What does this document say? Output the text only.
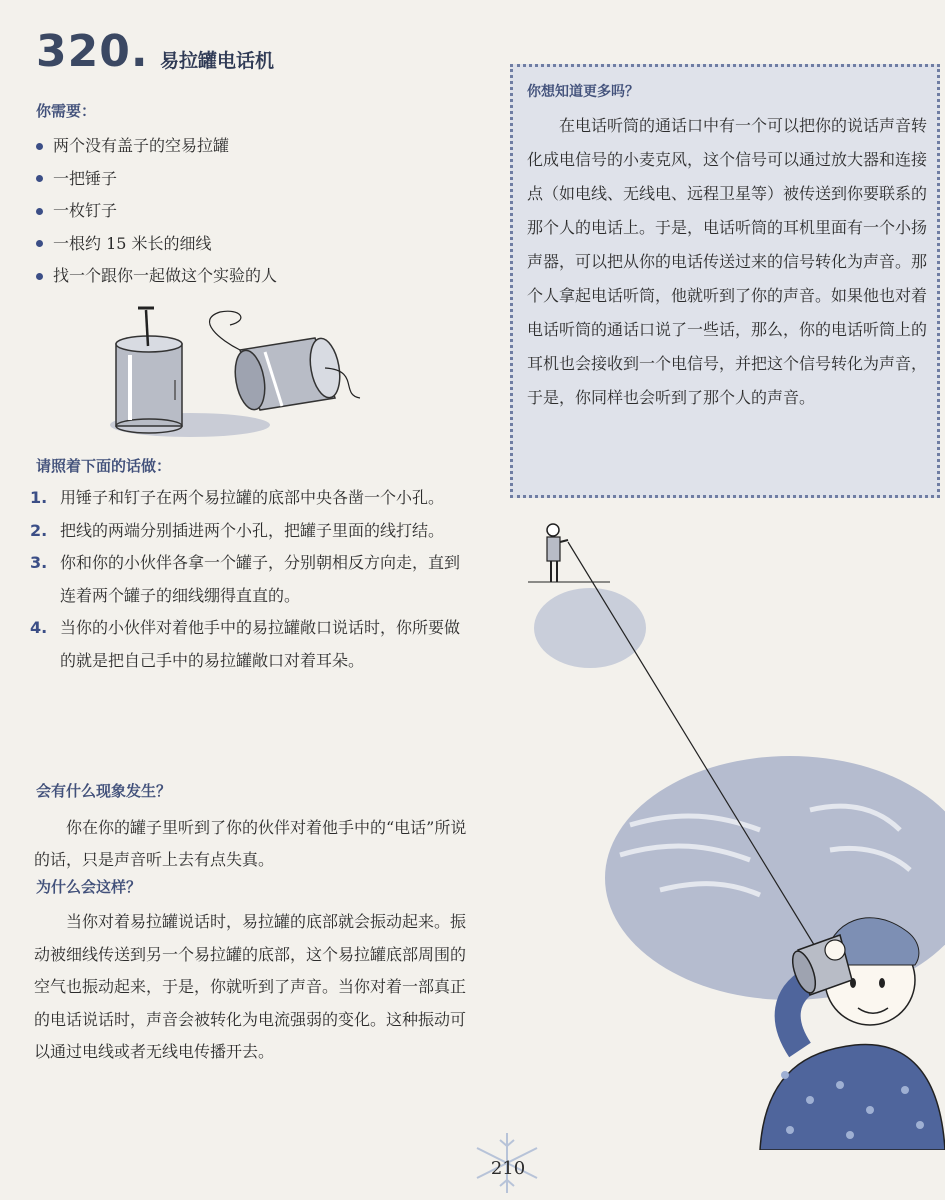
320. 易拉罐电话机
你需要：
两个没有盖子的空易拉罐
一把锤子
一枚钉子
一根约 15 米长的细线
找一个跟你一起做这个实验的人
请照着下面的话做：
1. 用锤子和钉子在两个易拉罐的底部中央各凿一个小孔。
2. 把线的两端分别插进两个小孔，把罐子里面的线打结。
3. 你和你的小伙伴各拿一个罐子，分别朝相反方向走，直到连着两个罐子的细线绷得直直的。
4. 当你的小伙伴对着他手中的易拉罐敞口说话时，你所要做的就是把自己手中的易拉罐敞口对着耳朵。
会有什么现象发生？

你在你的罐子里听到了你的伙伴对着他手中的“电话”所说的话，只是声音听上去有点失真。

为什么会这样？

当你对着易拉罐说话时，易拉罐的底部就会振动起来。振动被细线传送到另一个易拉罐的底部，这个易拉罐底部周围的空气也振动起来，于是，你就听到了声音。当你对着一部真正的电话说话时，声音会被转化为电流强弱的变化。这种振动可以通过电线或者无线电传播开去。

你想知道更多吗？

在电话听筒的通话口中有一个可以把你的说话声音转化成电信号的小麦克风，这个信号可以通过放大器和连接点（如电线、无线电、远程卫星等）被传送到你要联系的那个人的电话上。于是，电话听筒的耳机里面有一个小扬声器，可以把从你的电话传送过来的信号转化为声音。那个人拿起电话听筒，他就听到了你的声音。如果他也对着电话听筒的通话口说了一些话，那么，你的电话听筒上的耳机也会接收到一个电信号，并把这个信号转化为声音，于是，你同样也会听到了那个人的声音。

210
